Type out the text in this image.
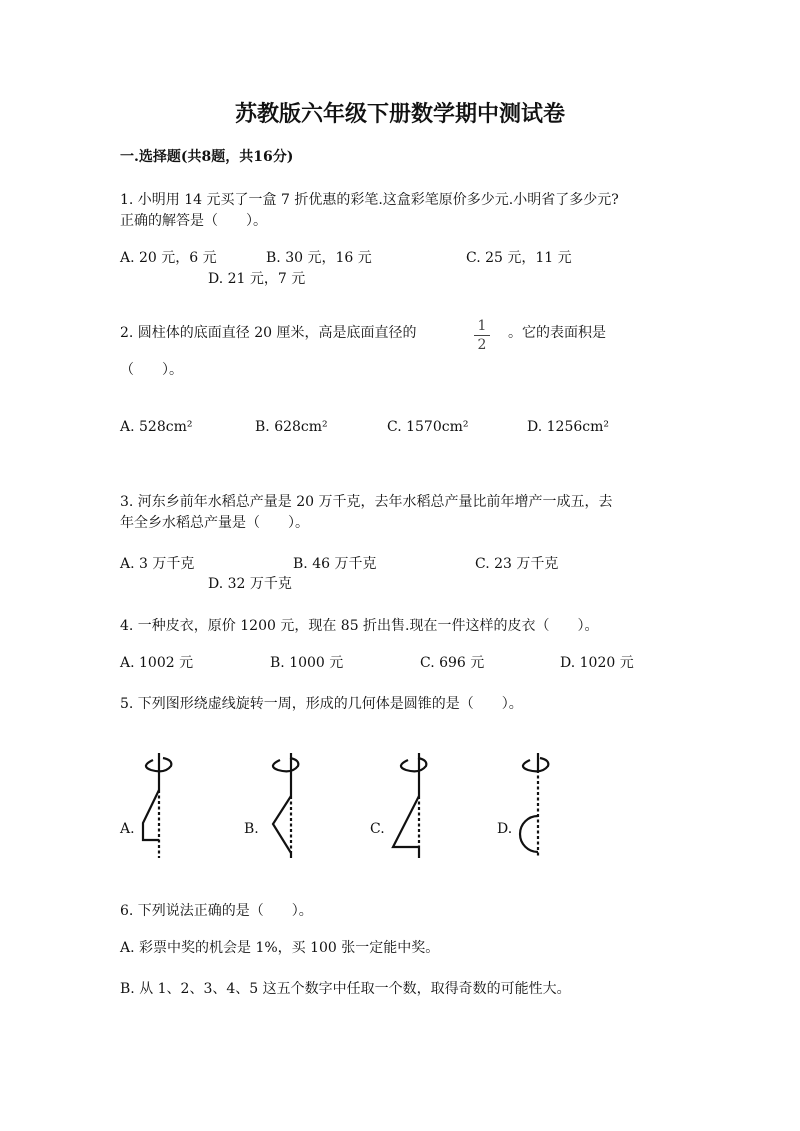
苏教版六年级下册数学期中测试卷
一.选择题(共8题，共16分)
1. 小明用 14 元买了一盒 7 折优惠的彩笔.这盒彩笔原价多少元.小明省了多少元?
正确的解答是（　　）。
A. 20 元，6 元	B. 30 元，16 元	C. 25 元，11 元
D. 21 元，7 元
2. 圆柱体的底面直径 20 厘米，高是底面直径的	1
2
。它的表面积是
（　　）。
A. 528cm²	B. 628cm²	C. 1570cm²	D. 1256cm²
3. 河东乡前年水稻总产量是 20 万千克，去年水稻总产量比前年增产一成五，去
年全乡水稻总产量是（　　）。
A. 3 万千克	B. 46 万千克	C. 23 万千克
D. 32 万千克
4. 一种皮衣，原价 1200 元，现在 85 折出售.现在一件这样的皮衣（　　）。
A. 1002 元	B. 1000 元	C. 696 元	D. 1020 元
5. 下列图形绕虚线旋转一周，形成的几何体是圆锥的是（　　）。
A.	B.	C.	D.
6. 下列说法正确的是（　　）。
A. 彩票中奖的机会是 1%，买 100 张一定能中奖。
B. 从 1、2、3、4、5 这五个数字中任取一个数，取得奇数的可能性大。
